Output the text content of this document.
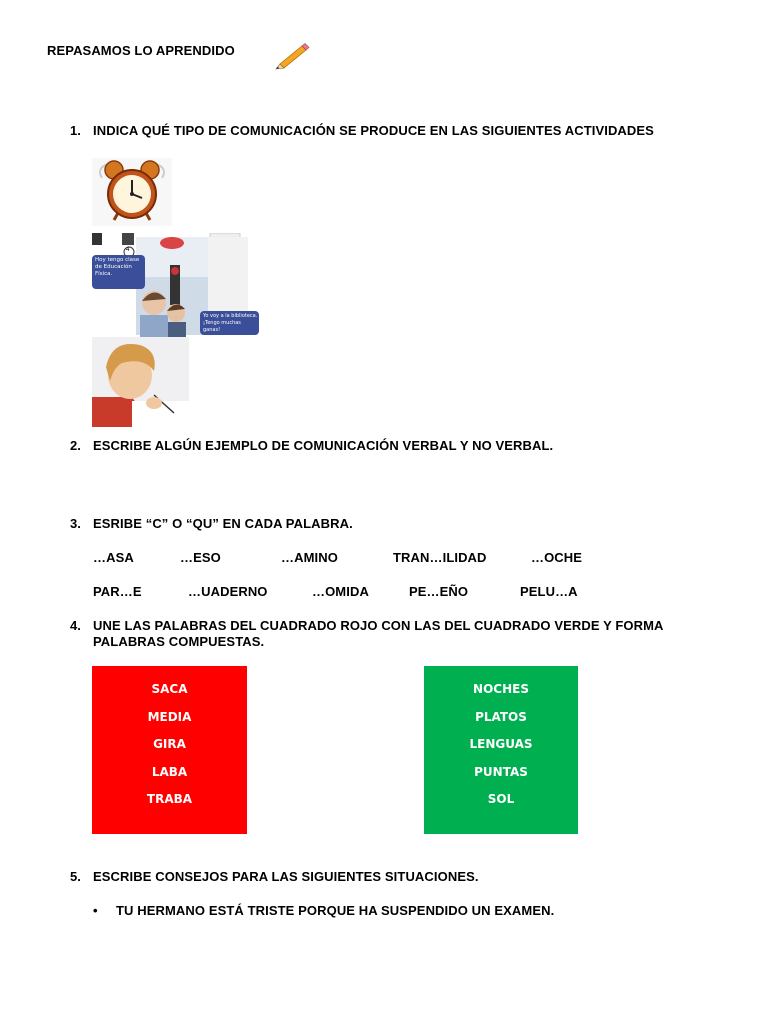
REPASAMOS LO APRENDIDO
1. INDICA QUÉ TIPO DE COMUNICACIÓN SE PRODUCE EN LAS SIGUIENTES ACTIVIDADES
4
Hoy tengo clase
de Educación
Física.
Yo voy a la biblioteca.
¡Tengo muchas ganas!
2. ESCRIBE ALGÚN EJEMPLO DE COMUNICACIÓN VERBAL Y NO VERBAL.
3. ESRIBE “C” O “QU” EN CADA PALABRA.
…ASA	…ESO	…AMINO	TRAN…ILIDAD	…OCHE
PAR…E	…UADERNO	…OMIDA	PE…EÑO	PELU…A
4. UNE LAS PALABRAS DEL CUADRADO ROJO CON LAS DEL CUADRADO VERDE Y FORMA
PALABRAS COMPUESTAS.
SACA
MEDIA
GIRA
LABA
TRABA
NOCHES
PLATOS
LENGUAS
PUNTAS
SOL
5. ESCRIBE CONSEJOS PARA LAS SIGUIENTES SITUACIONES.
• TU HERMANO ESTÁ TRISTE PORQUE HA SUSPENDIDO UN EXAMEN.
